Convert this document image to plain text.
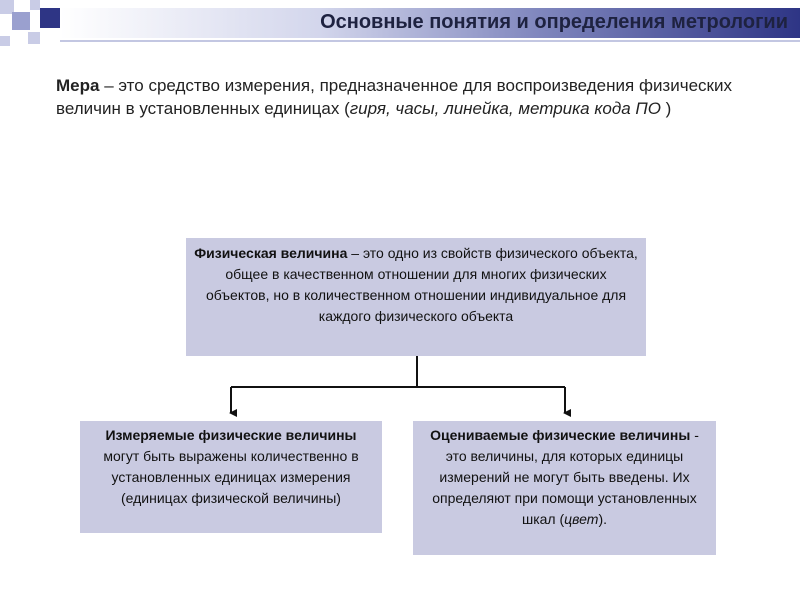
Основные понятия и определения метрологии
Мера – это средство измерения, предназначенное для воспроизведения физических величин в установленных единицах (гиря, часы, линейка, метрика кода ПО )
Физическая величина – это одно из свойств физического объекта, общее в качественном отношении для многих физических объектов, но в количественном отношении индивидуальное для каждого физического объекта
Измеряемые физические величины могут быть выражены количественно в установленных единицах измерения (единицах физической величины)
Оцениваемые физические величины - это величины, для которых единицы измерений не могут быть введены. Их определяют при помощи установленных шкал (цвет).
